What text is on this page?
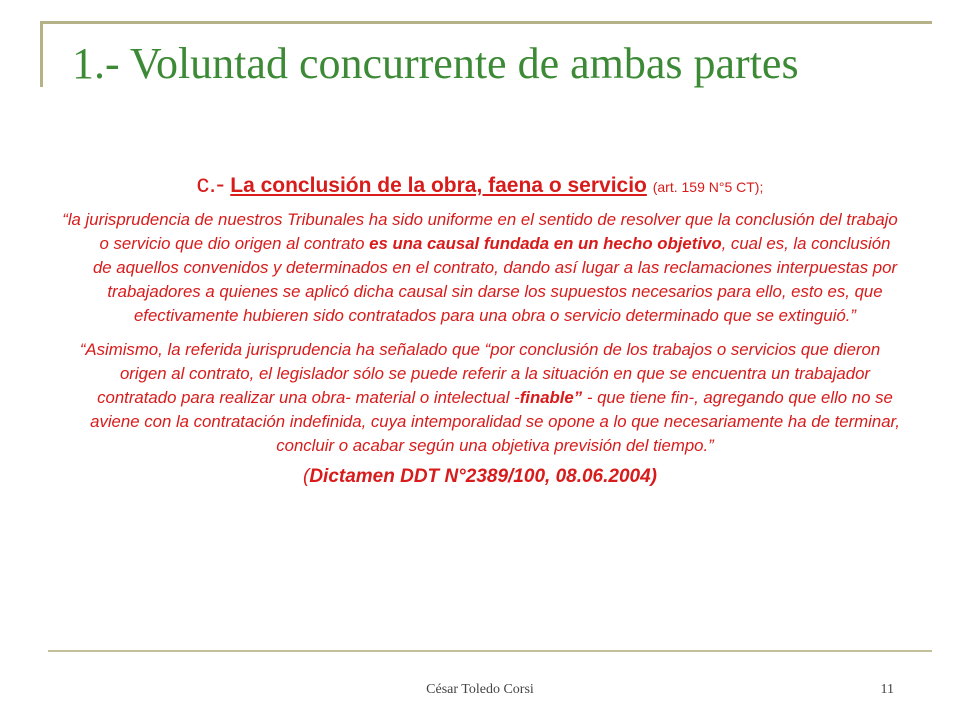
1.- Voluntad concurrente de ambas partes
c.- La conclusión de la obra, faena o servicio (art. 159 N°5 CT);

“la jurisprudencia de nuestros Tribunales ha sido uniforme en el sentido de resolver que la conclusión del trabajo o servicio que dio origen al contrato es una causal fundada en un hecho objetivo, cual es, la conclusión de aquellos convenidos y determinados en el contrato, dando así lugar a las reclamaciones interpuestas por trabajadores a quienes se aplicó dicha causal sin darse los supuestos necesarios para ello, esto es, que efectivamente hubieren sido contratados para una obra o servicio determinado que se extinguió.”

“Asimismo, la referida jurisprudencia ha señalado que “por conclusión de los trabajos o servicios que dieron origen al contrato, el legislador sólo se puede referir a la situación en que se encuentra un trabajador contratado para realizar una obra- material o intelectual -finable” - que tiene fin-, agregando que ello no se aviene con la contratación indefinida, cuya intemporalidad se opone a lo que necesariamente ha de terminar, concluir o acabar según una objetiva previsión del tiempo.”

(Dictamen DDT N°2389/100, 08.06.2004)
César Toledo Corsi	11
